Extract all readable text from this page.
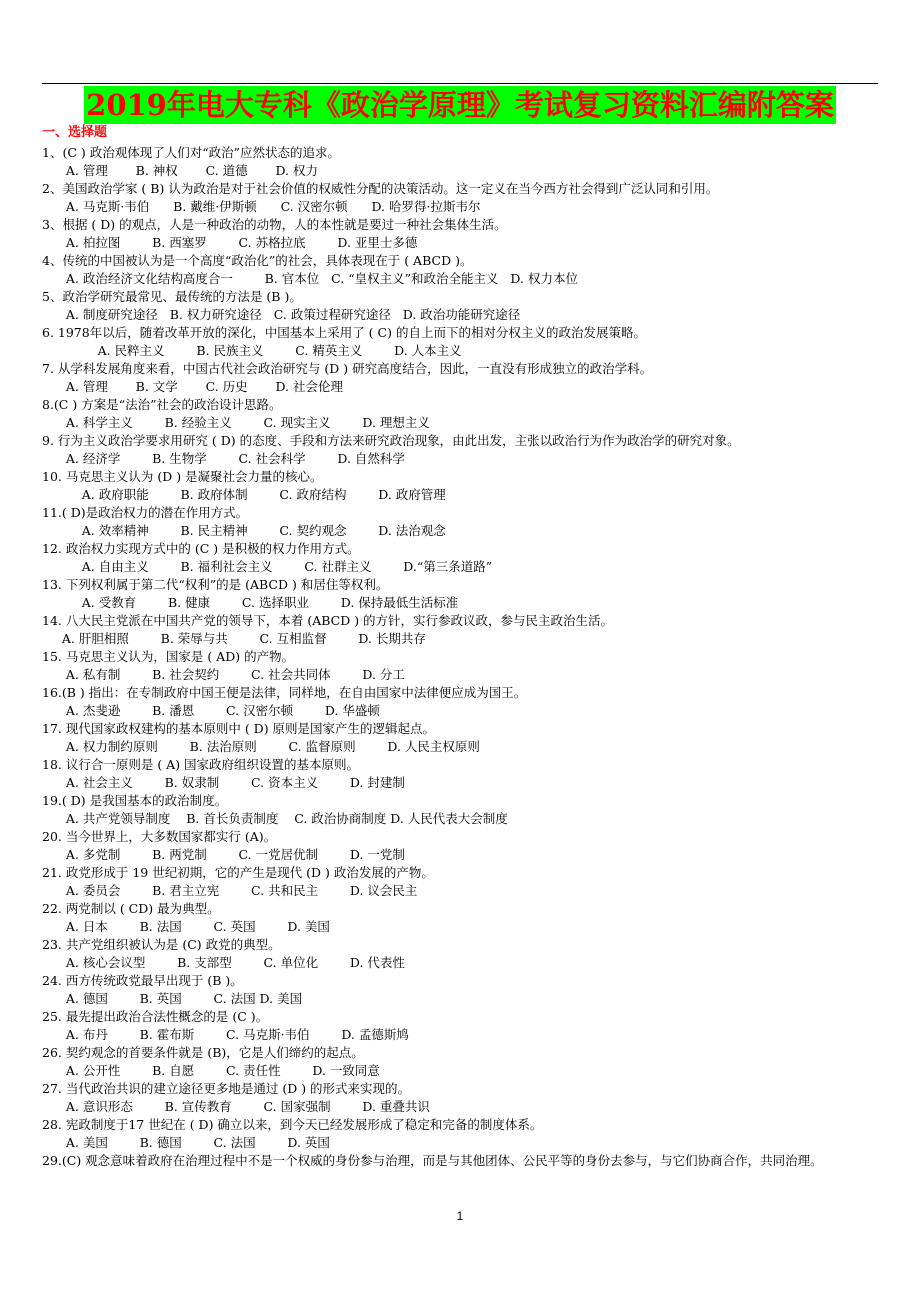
2019年电大专科《政治学原理》考试复习资料汇编附答案
一、选择题
1、(C ) 政治观体现了人们对“政治”应然状态的追求。
A. 管理       B. 神权       C. 道德       D. 权力
2、美国政治学家 ( B) 认为政治是对于社会价值的权威性分配的决策活动。这一定义在当今西方社会得到广泛认同和引用。
A. 马克斯·韦伯      B. 戴维·伊斯顿      C. 汉密尔顿      D. 哈罗得·拉斯韦尔
3、根据 ( D) 的观点，人是一种政治的动物，人的本性就是要过一种社会集体生活。
A. 柏拉图        B. 西塞罗        C. 苏格拉底        D. 亚里士多德
4、传统的中国被认为是一个高度“政治化”的社会，具体表现在于 ( ABCD )。
A. 政治经济文化结构高度合一        B. 官本位   C. “皇权主义”和政治全能主义   D. 权力本位
5、政治学研究最常见、最传统的方法是 (B )。
A. 制度研究途径   B. 权力研究途径   C. 政策过程研究途径   D. 政治功能研究途径
6. 1978年以后，随着改革开放的深化，中国基本上采用了 ( C) 的自上而下的相对分权主义的政治发展策略。
A. 民粹主义        B. 民族主义        C. 精英主义        D. 人本主义
7. 从学科发展角度来看，中国古代社会政治研究与 (D ) 研究高度结合，因此，一直没有形成独立的政治学科。
A. 管理       B. 文学       C. 历史       D. 社会伦理
8.(C ) 方案是“法治”社会的政治设计思路。
A. 科学主义        B. 经验主义        C. 现实主义        D. 理想主义
9. 行为主义政治学要求用研究 ( D) 的态度、手段和方法来研究政治现象，由此出发，主张以政治行为作为政治学的研究对象。
A. 经济学        B. 生物学        C. 社会科学        D. 自然科学
10. 马克思主义认为 (D ) 是凝聚社会力量的核心。
A. 政府职能        B. 政府体制        C. 政府结构        D. 政府管理
11.( D)是政治权力的潜在作用方式。
A. 效率精神        B. 民主精神        C. 契约观念        D. 法治观念
12. 政治权力实现方式中的 (C ) 是积极的权力作用方式。
A. 自由主义        B. 福利社会主义        C. 社群主义        D.“第三条道路”
13. 下列权利属于第二代“权利”的是 (ABCD ) 和居住等权利。
A. 受教育        B. 健康        C. 选择职业        D. 保持最低生活标准
14. 八大民主党派在中国共产党的领导下，本着 (ABCD ) 的方针，实行参政议政，参与民主政治生活。
A. 肝胆相照        B. 荣辱与共        C. 互相监督        D. 长期共存
15. 马克思主义认为，国家是 ( AD) 的产物。
A. 私有制        B. 社会契约        C. 社会共同体        D. 分工
16.(B ) 指出：在专制政府中国王便是法律，同样地，在自由国家中法律便应成为国王。
A. 杰斐逊        B. 潘恩        C. 汉密尔顿        D. 华盛顿
17. 现代国家政权建构的基本原则中 ( D) 原则是国家产生的逻辑起点。
A. 权力制约原则        B. 法治原则        C. 监督原则        D. 人民主权原则
18. 议行合一原则是 ( A) 国家政府组织设置的基本原则。
A. 社会主义        B. 奴隶制        C. 资本主义        D. 封建制
19.( D) 是我国基本的政治制度。
A. 共产党领导制度    B. 首长负责制度    C. 政治协商制度 D. 人民代表大会制度
20. 当今世界上，大多数国家都实行 (A)。
A. 多党制        B. 两党制        C. 一党居优制        D. 一党制
21. 政党形成于 19 世纪初期，它的产生是现代 (D ) 政治发展的产物。
A. 委员会        B. 君主立宪        C. 共和民主        D. 议会民主
22. 两党制以 ( CD) 最为典型。
A. 日本        B. 法国        C. 英国        D. 美国
23. 共产党组织被认为是 (C) 政党的典型。
A. 核心会议型        B. 支部型        C. 单位化        D. 代表性
24. 西方传统政党最早出现于 (B )。
A. 德国        B. 英国        C. 法国 D. 美国
25. 最先提出政治合法性概念的是 (C )。
A. 布丹        B. 霍布斯        C. 马克斯·韦伯        D. 孟德斯鸠
26. 契约观念的首要条件就是 (B)，它是人们缔约的起点。
A. 公开性        B. 自愿        C. 责任性        D. 一致同意
27. 当代政治共识的建立途径更多地是通过 (D ) 的形式来实现的。
A. 意识形态        B. 宣传教育        C. 国家强制        D. 重叠共识
28. 宪政制度于17 世纪在 ( D) 确立以来，到今天已经发展形成了稳定和完备的制度体系。
A. 美国        B. 德国        C. 法国        D. 英国
29.(C) 观念意味着政府在治理过程中不是一个权威的身份参与治理，而是与其他团体、公民平等的身份去参与，与它们协商合作，共同治理。
1
